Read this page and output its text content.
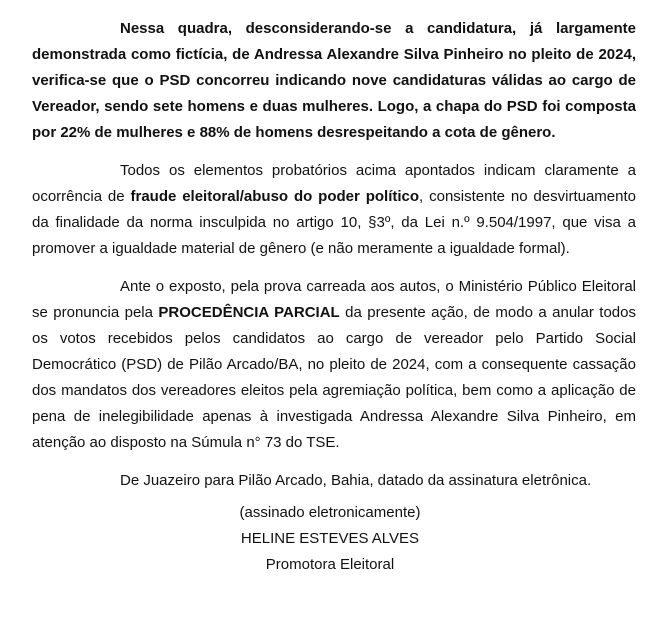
Nessa quadra, desconsiderando-se a candidatura, já largamente demonstrada como fictícia, de Andressa Alexandre Silva Pinheiro no pleito de 2024, verifica-se que o PSD concorreu indicando nove candidaturas válidas ao cargo de Vereador, sendo sete homens e duas mulheres. Logo, a chapa do PSD foi composta por 22% de mulheres e 88% de homens desrespeitando a cota de gênero.

Todos os elementos probatórios acima apontados indicam claramente a ocorrência de fraude eleitoral/abuso do poder político, consistente no desvirtuamento da finalidade da norma insculpida no artigo 10, §3º, da Lei n.º 9.504/1997, que visa a promover a igualdade material de gênero (e não meramente a igualdade formal).

Ante o exposto, pela prova carreada aos autos, o Ministério Público Eleitoral se pronuncia pela PROCEDÊNCIA PARCIAL da presente ação, de modo a anular todos os votos recebidos pelos candidatos ao cargo de vereador pelo Partido Social Democrático (PSD) de Pilão Arcado/BA, no pleito de 2024, com a consequente cassação dos mandatos dos vereadores eleitos pela agremiação política, bem como a aplicação de pena de inelegibilidade apenas à investigada Andressa Alexandre Silva Pinheiro, em atenção ao disposto na Súmula n° 73 do TSE.

De Juazeiro para Pilão Arcado, Bahia, datado da assinatura eletrônica.

(assinado eletronicamente)
HELINE ESTEVES ALVES
Promotora Eleitoral
